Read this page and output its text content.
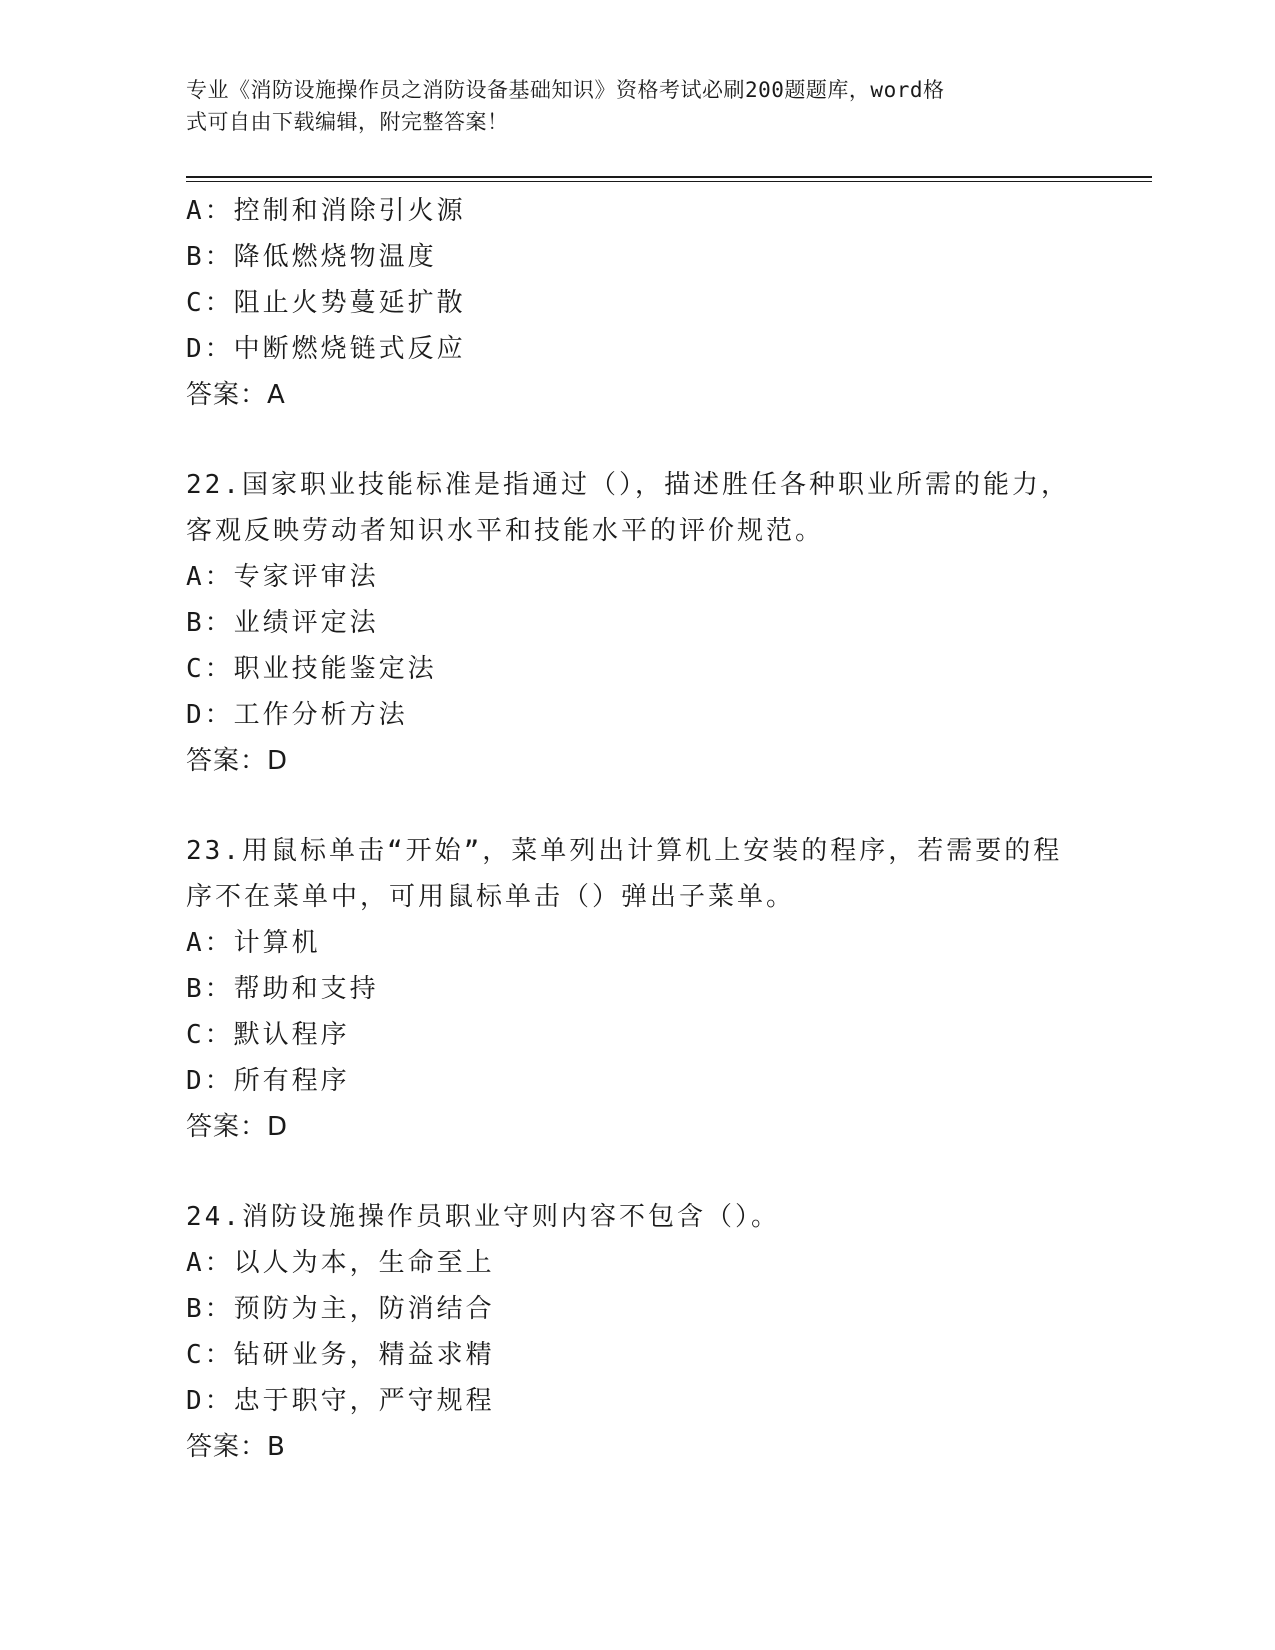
专业《消防设施操作员之消防设备基础知识》资格考试必刷200题题库，word格
式可自由下载编辑，附完整答案！
A：控制和消除引火源
B：降低燃烧物温度
C：阻止火势蔓延扩散
D：中断燃烧链式反应
答案：A
22.国家职业技能标准是指通过（），描述胜任各种职业所需的能力，
客观反映劳动者知识水平和技能水平的评价规范。
A：专家评审法
B：业绩评定法
C：职业技能鉴定法
D：工作分析方法
答案：D
23.用鼠标单击“开始”，菜单列出计算机上安装的程序，若需要的程
序不在菜单中，可用鼠标单击（）弹出子菜单。
A：计算机
B：帮助和支持
C：默认程序
D：所有程序
答案：D
24.消防设施操作员职业守则内容不包含（）。
A：以人为本，生命至上
B：预防为主，防消结合
C：钻研业务，精益求精
D：忠于职守，严守规程
答案：B
